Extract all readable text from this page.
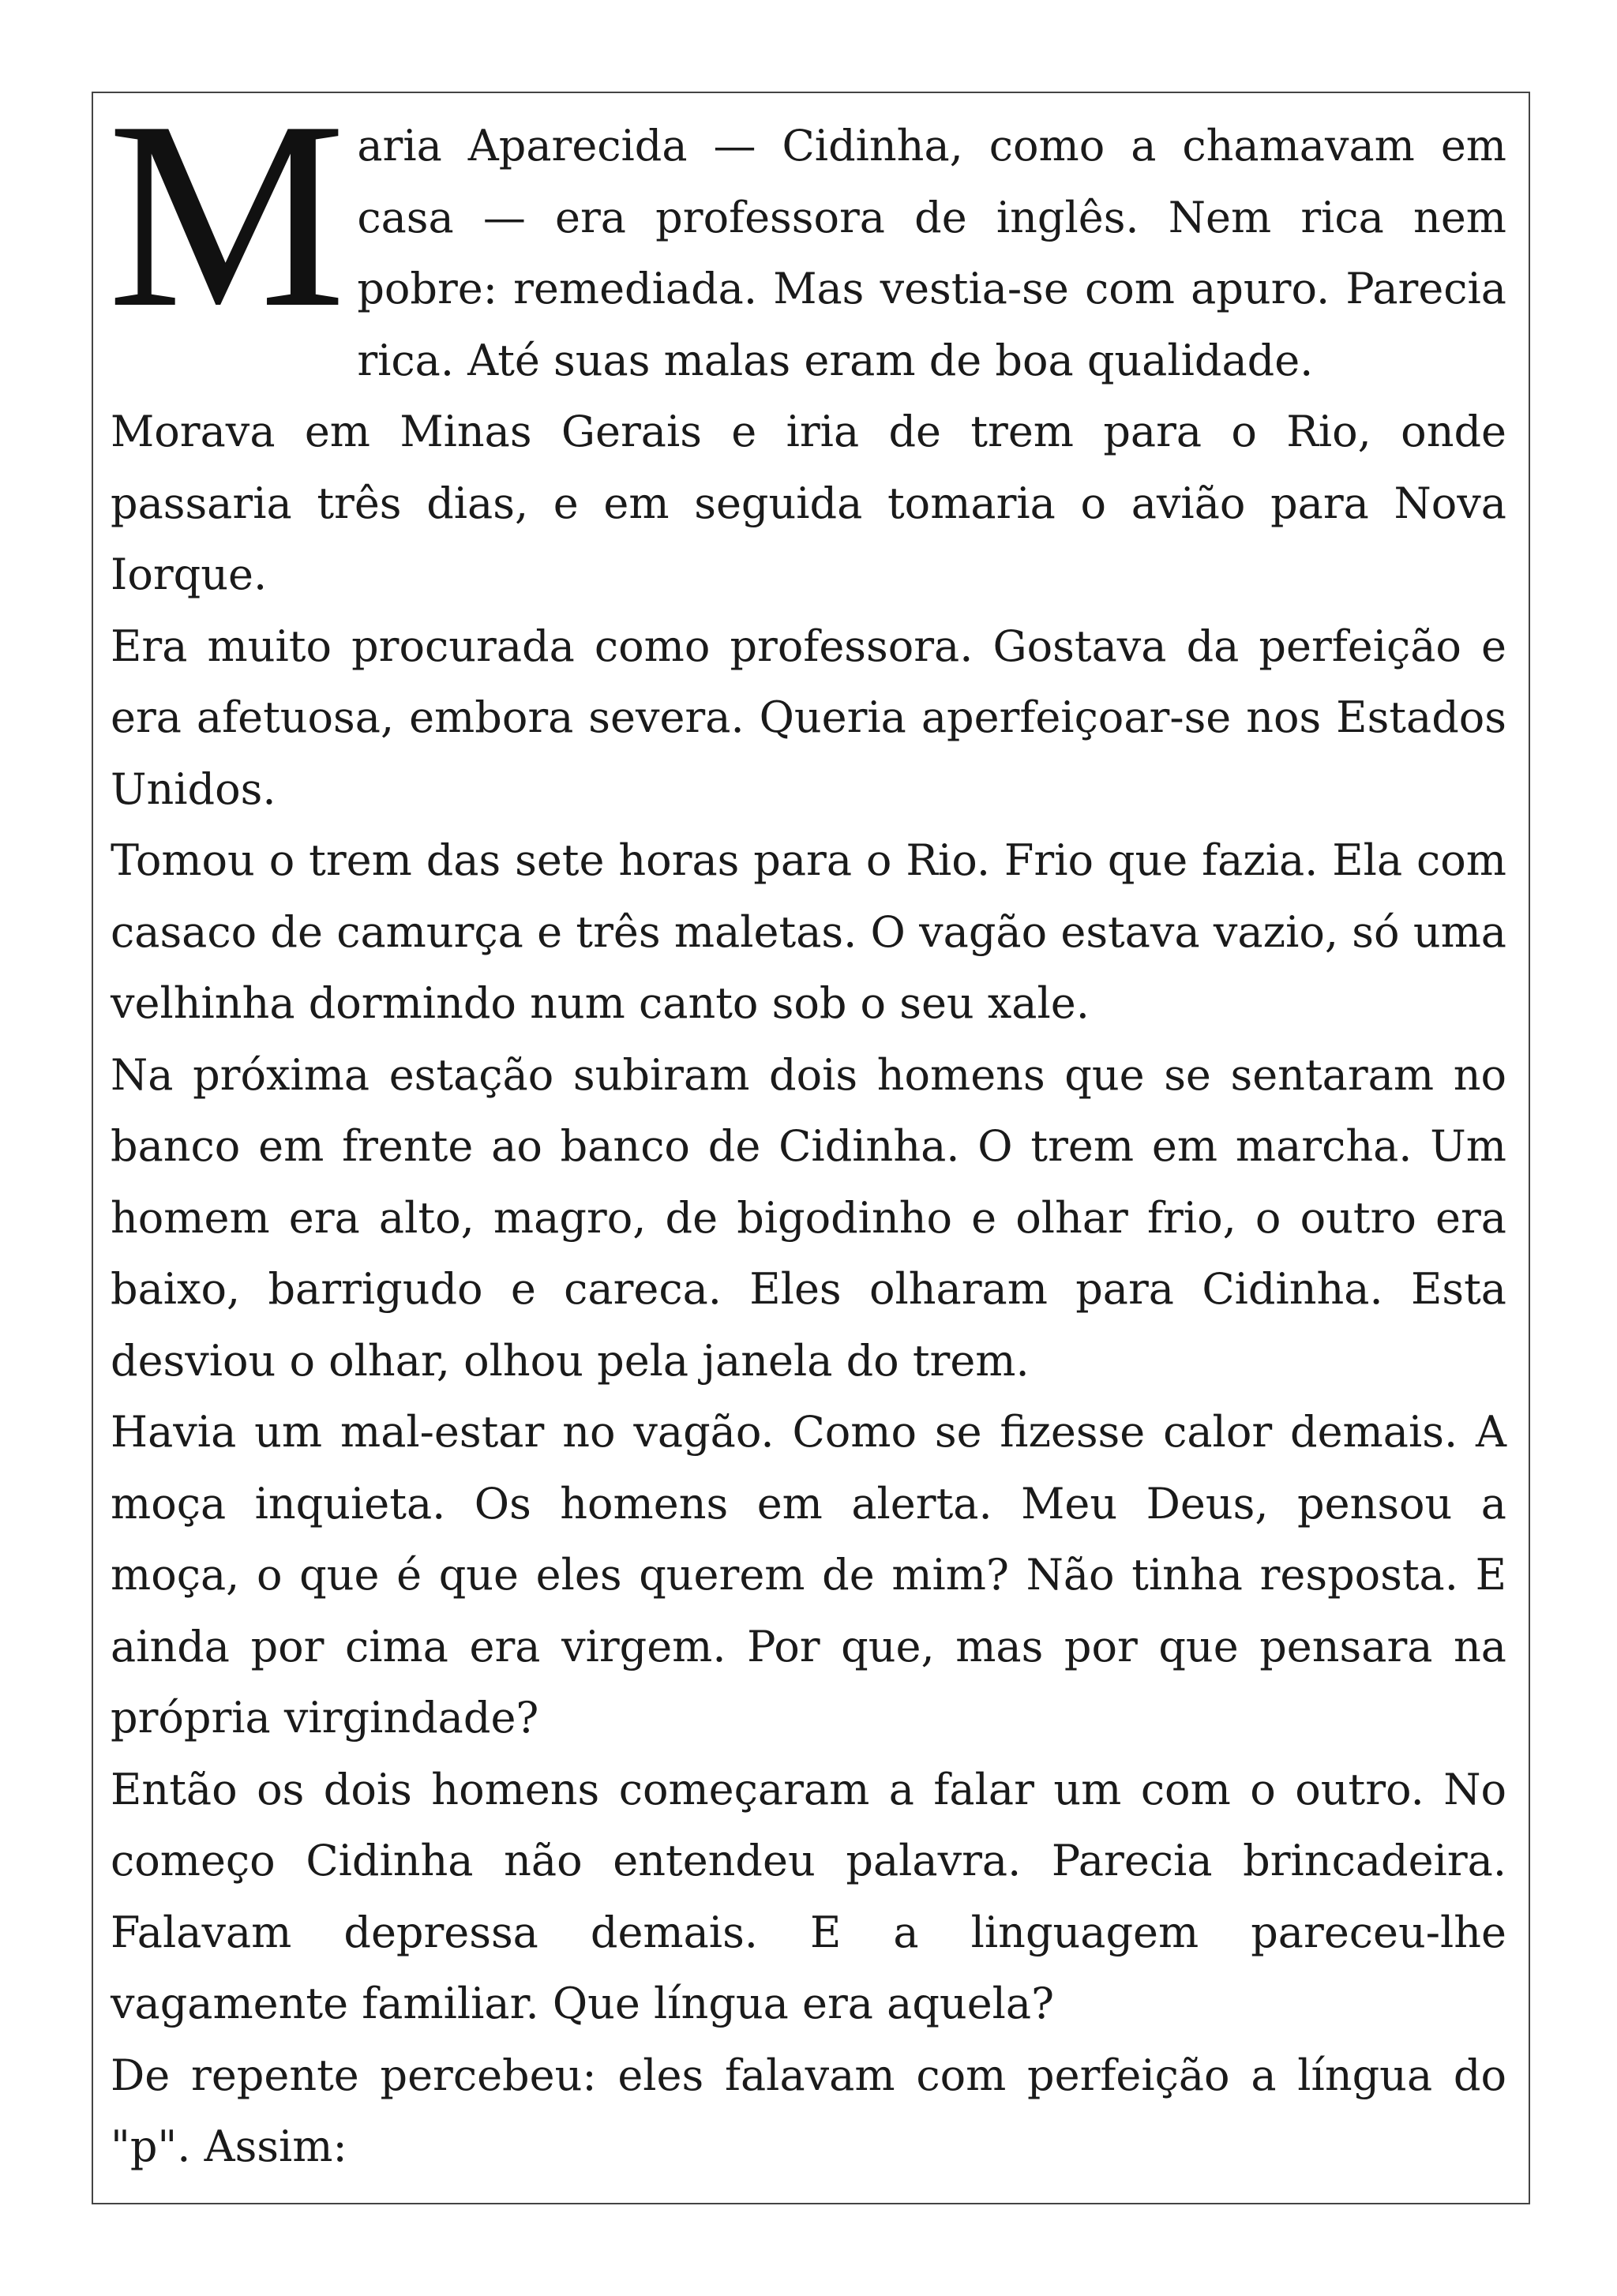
Maria Aparecida — Cidinha, como a chamavam em casa — era professora de inglês. Nem rica nem pobre: remediada. Mas vestia-se com apuro. Parecia rica. Até suas malas eram de boa qualidade.

Morava em Minas Gerais e iria de trem para o Rio, onde passaria três dias, e em seguida tomaria o avião para Nova Iorque.

Era muito procurada como professora. Gostava da perfeição e era afetuosa, embora severa. Queria aperfeiçoar-se nos Estados Unidos.

Tomou o trem das sete horas para o Rio. Frio que fazia. Ela com casaco de camurça e três maletas. O vagão estava vazio, só uma velhinha dormindo num canto sob o seu xale.

Na próxima estação subiram dois homens que se sentaram no banco em frente ao banco de Cidinha. O trem em marcha. Um homem era alto, magro, de bigodinho e olhar frio, o outro era baixo, barrigudo e careca. Eles olharam para Cidinha. Esta desviou o olhar, olhou pela janela do trem.

Havia um mal-estar no vagão. Como se fizesse calor demais. A moça inquieta. Os homens em alerta. Meu Deus, pensou a moça, o que é que eles querem de mim? Não tinha resposta. E ainda por cima era virgem. Por que, mas por que pensara na própria virgindade?

Então os dois homens começaram a falar um com o outro. No começo Cidinha não entendeu palavra. Parecia brincadeira. Falavam depressa demais. E a linguagem pareceu-lhe vagamente familiar. Que língua era aquela?

De repente percebeu: eles falavam com perfeição a língua do "p". Assim:
